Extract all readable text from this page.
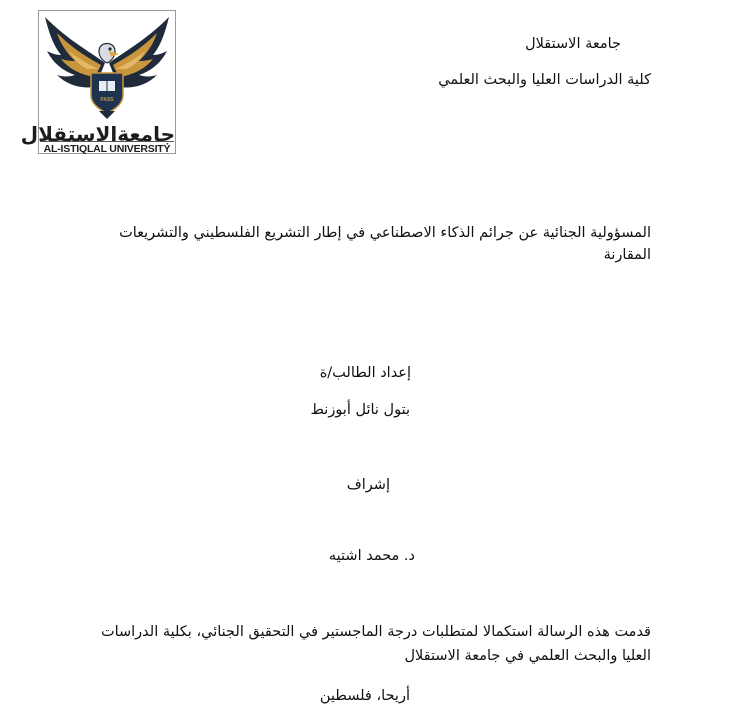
PASS
جامعةالاستقلال
AL-ISTIQLAL UNIVERSITY
جامعة الاستقلال
كلية الدراسات العليا والبحث العلمي
المسؤولية الجنائية عن جرائم الذكاء الاصطناعي في إطار التشريع الفلسطيني والتشريعات
المقارنة
إعداد الطالب/ة
بتول نائل أبوزنط
إشراف
د. محمد اشتيه
قدمت هذه الرسالة استكمالا لمتطلبات درجة الماجستير في التحقيق الجنائي، بكلية الدراسات
العليا والبحث العلمي في جامعة الاستقلال
أريحا، فلسطين
